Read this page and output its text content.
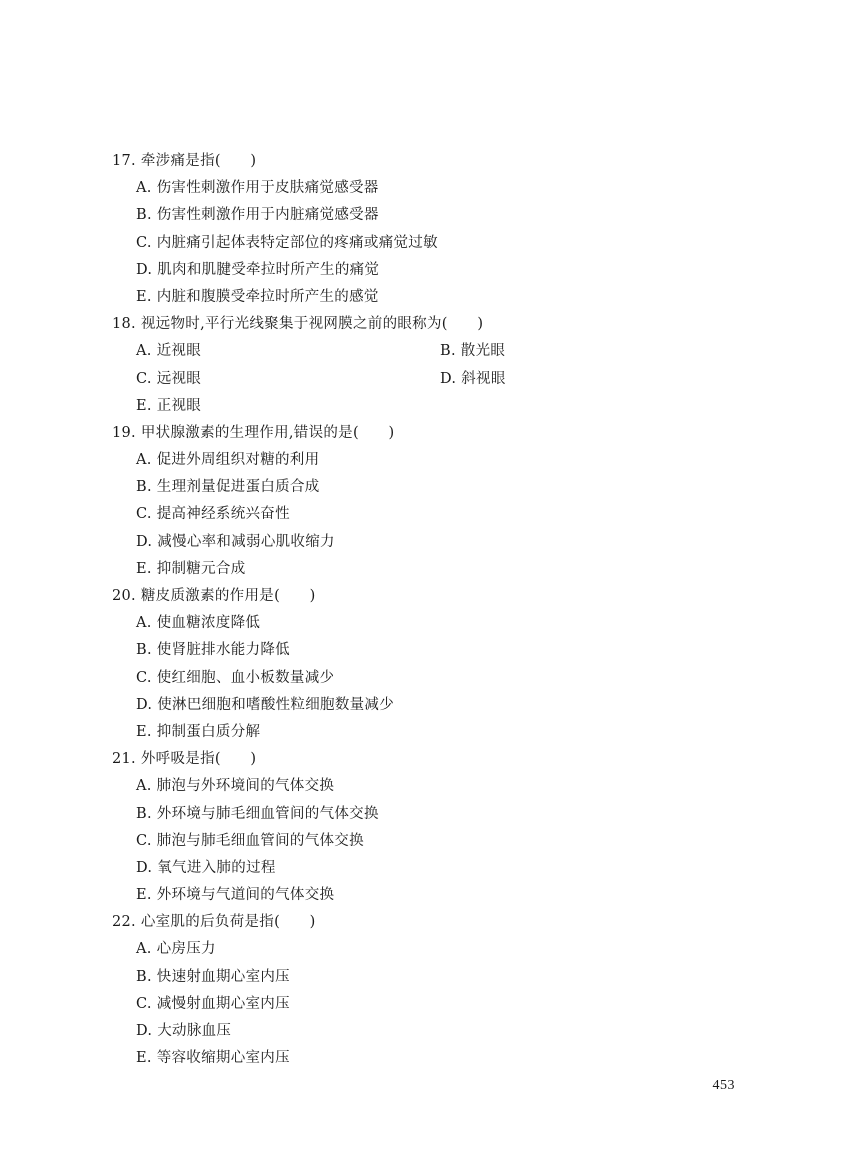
17. 牵涉痛是指(　　)
A. 伤害性刺激作用于皮肤痛觉感受器
B. 伤害性刺激作用于内脏痛觉感受器
C. 内脏痛引起体表特定部位的疼痛或痛觉过敏
D. 肌肉和肌腱受牵拉时所产生的痛觉
E. 内脏和腹膜受牵拉时所产生的感觉
18. 视远物时,平行光线聚集于视网膜之前的眼称为(　　)
A. 近视眼	B. 散光眼
C. 远视眼	D. 斜视眼
E. 正视眼
19. 甲状腺激素的生理作用,错误的是(　　)
A. 促进外周组织对糖的利用
B. 生理剂量促进蛋白质合成
C. 提高神经系统兴奋性
D. 减慢心率和减弱心肌收缩力
E. 抑制糖元合成
20. 糖皮质激素的作用是(　　)
A. 使血糖浓度降低
B. 使肾脏排水能力降低
C. 使红细胞、血小板数量减少
D. 使淋巴细胞和嗜酸性粒细胞数量减少
E. 抑制蛋白质分解
21. 外呼吸是指(　　)
A. 肺泡与外环境间的气体交换
B. 外环境与肺毛细血管间的气体交换
C. 肺泡与肺毛细血管间的气体交换
D. 氧气进入肺的过程
E. 外环境与气道间的气体交换
22. 心室肌的后负荷是指(　　)
A. 心房压力
B. 快速射血期心室内压
C. 减慢射血期心室内压
D. 大动脉血压
E. 等容收缩期心室内压
453
